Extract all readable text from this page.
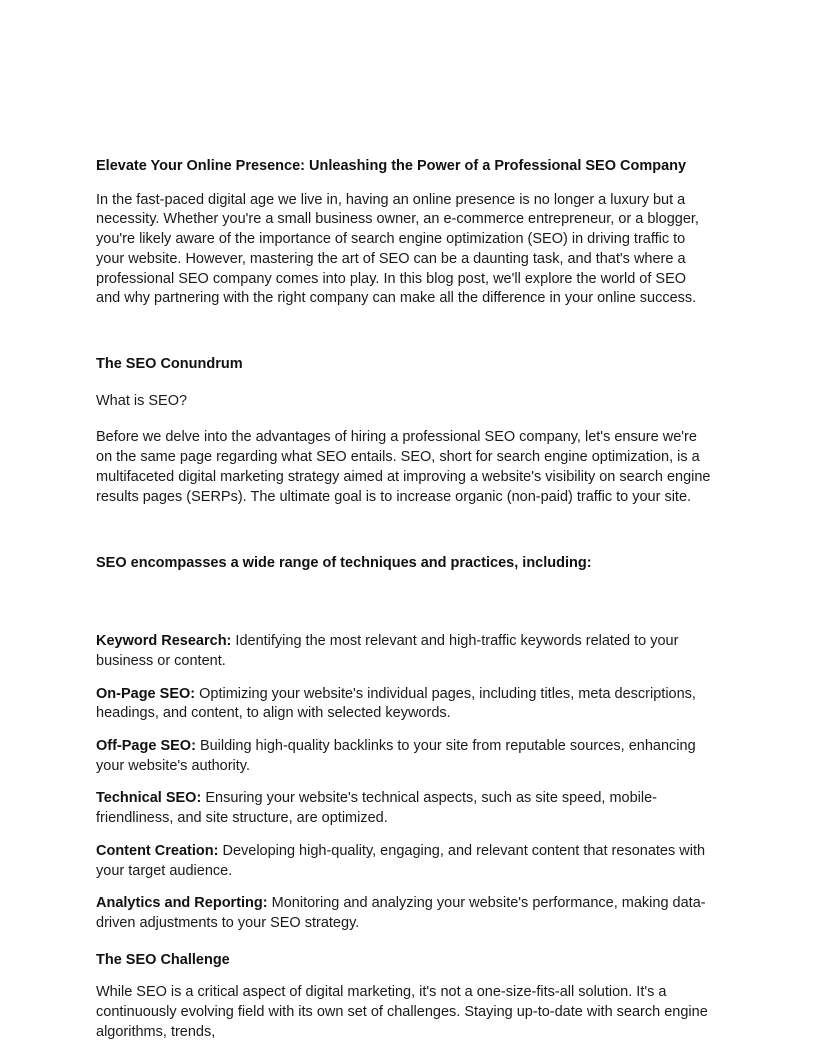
Elevate Your Online Presence: Unleashing the Power of a Professional SEO Company

In the fast-paced digital age we live in, having an online presence is no longer a luxury but a necessity. Whether you're a small business owner, an e-commerce entrepreneur, or a blogger, you're likely aware of the importance of search engine optimization (SEO) in driving traffic to your website. However, mastering the art of SEO can be a daunting task, and that's where a professional SEO company comes into play. In this blog post, we'll explore the world of SEO and why partnering with the right company can make all the difference in your online success.

The SEO Conundrum

What is SEO?

Before we delve into the advantages of hiring a professional SEO company, let's ensure we're on the same page regarding what SEO entails. SEO, short for search engine optimization, is a multifaceted digital marketing strategy aimed at improving a website's visibility on search engine results pages (SERPs). The ultimate goal is to increase organic (non-paid) traffic to your site.

SEO encompasses a wide range of techniques and practices, including:

Keyword Research: Identifying the most relevant and high-traffic keywords related to your business or content.

On-Page SEO: Optimizing your website's individual pages, including titles, meta descriptions, headings, and content, to align with selected keywords.

Off-Page SEO: Building high-quality backlinks to your site from reputable sources, enhancing your website's authority.

Technical SEO: Ensuring your website's technical aspects, such as site speed, mobile-friendliness, and site structure, are optimized.

Content Creation: Developing high-quality, engaging, and relevant content that resonates with your target audience.

Analytics and Reporting: Monitoring and analyzing your website's performance, making data-driven adjustments to your SEO strategy.

The SEO Challenge

While SEO is a critical aspect of digital marketing, it's not a one-size-fits-all solution. It's a continuously evolving field with its own set of challenges. Staying up-to-date with search engine algorithms, trends,
